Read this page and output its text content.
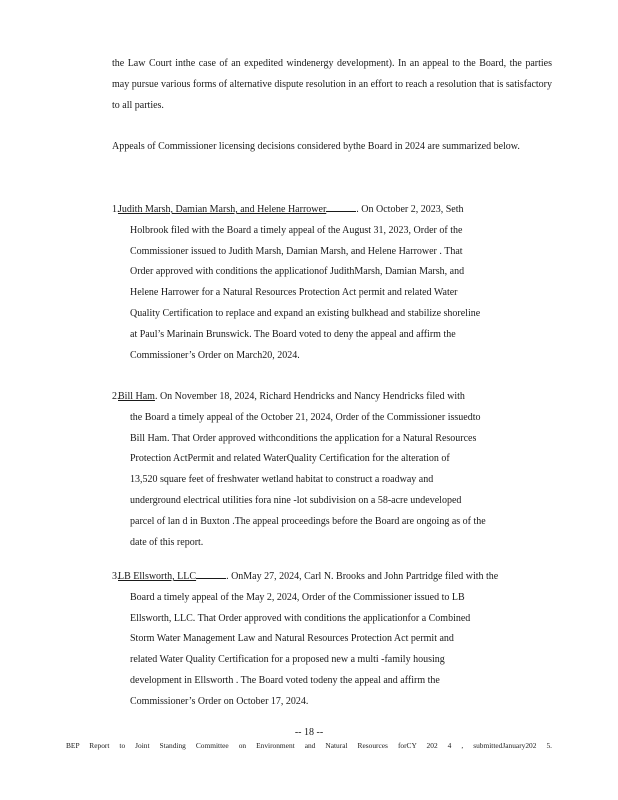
the Law Court inthe case of an expedited windenergy development). In an appeal to the Board, the parties may pursue various forms of alternative dispute resolution in an effort to reach a resolution that is satisfactory to all parties.

Appeals of Commissioner licensing decisions considered bythe Board in 2024 are summarized below.

1.Judith Marsh, Damian Marsh, and Helene Harrower	. On October 2, 2023, Seth
Holbrook filed with the Board a timely appeal of the August 31, 2023, Order of the
Commissioner issued to Judith Marsh, Damian Marsh, and Helene Harrower . That
Order approved with conditions the applicationof JudithMarsh, Damian Marsh, and
Helene Harrower for a Natural Resources Protection Act permit and related Water
Quality Certification to replace and expand an existing bulkhead and stabilize shoreline
at Paul’s Marinain Brunswick. The Board voted to deny the appeal and affirm the
Commissioner’s Order on March20, 2024.
2.Bill Ham. On November 18, 2024, Richard Hendricks and Nancy Hendricks filed with
the Board a timely appeal of the October 21, 2024, Order of the Commissioner issuedto
Bill Ham. That Order approved withconditions the application for a Natural Resources
Protection ActPermit and related WaterQuality Certification for the alteration of
13,520 square feet of freshwater wetland habitat to construct a roadway and
underground electrical utilities fora nine -lot subdivision on a 58-acre undeveloped
parcel of lan d in Buxton .The appeal proceedings before the Board are ongoing as of the
date of this report.
3.LB Ellsworth, LLC	. OnMay 27, 2024, Carl N. Brooks and John Partridge filed with the
Board a timely appeal of the May 2, 2024, Order of the Commissioner issued to LB
Ellsworth, LLC. That Order approved with conditions the applicationfor a Combined
Storm Water Management Law and Natural Resources Protection Act permit and
related Water Quality Certification for a proposed new a multi -family housing
development in Ellsworth . The Board voted todeny the appeal and affirm the
Commissioner’s Order on October 17, 2024.
-- 18 --
BEP Report to Joint Standing Committee on Environment and Natural Resources forCY 202 4 , submittedJanuary202 5.
